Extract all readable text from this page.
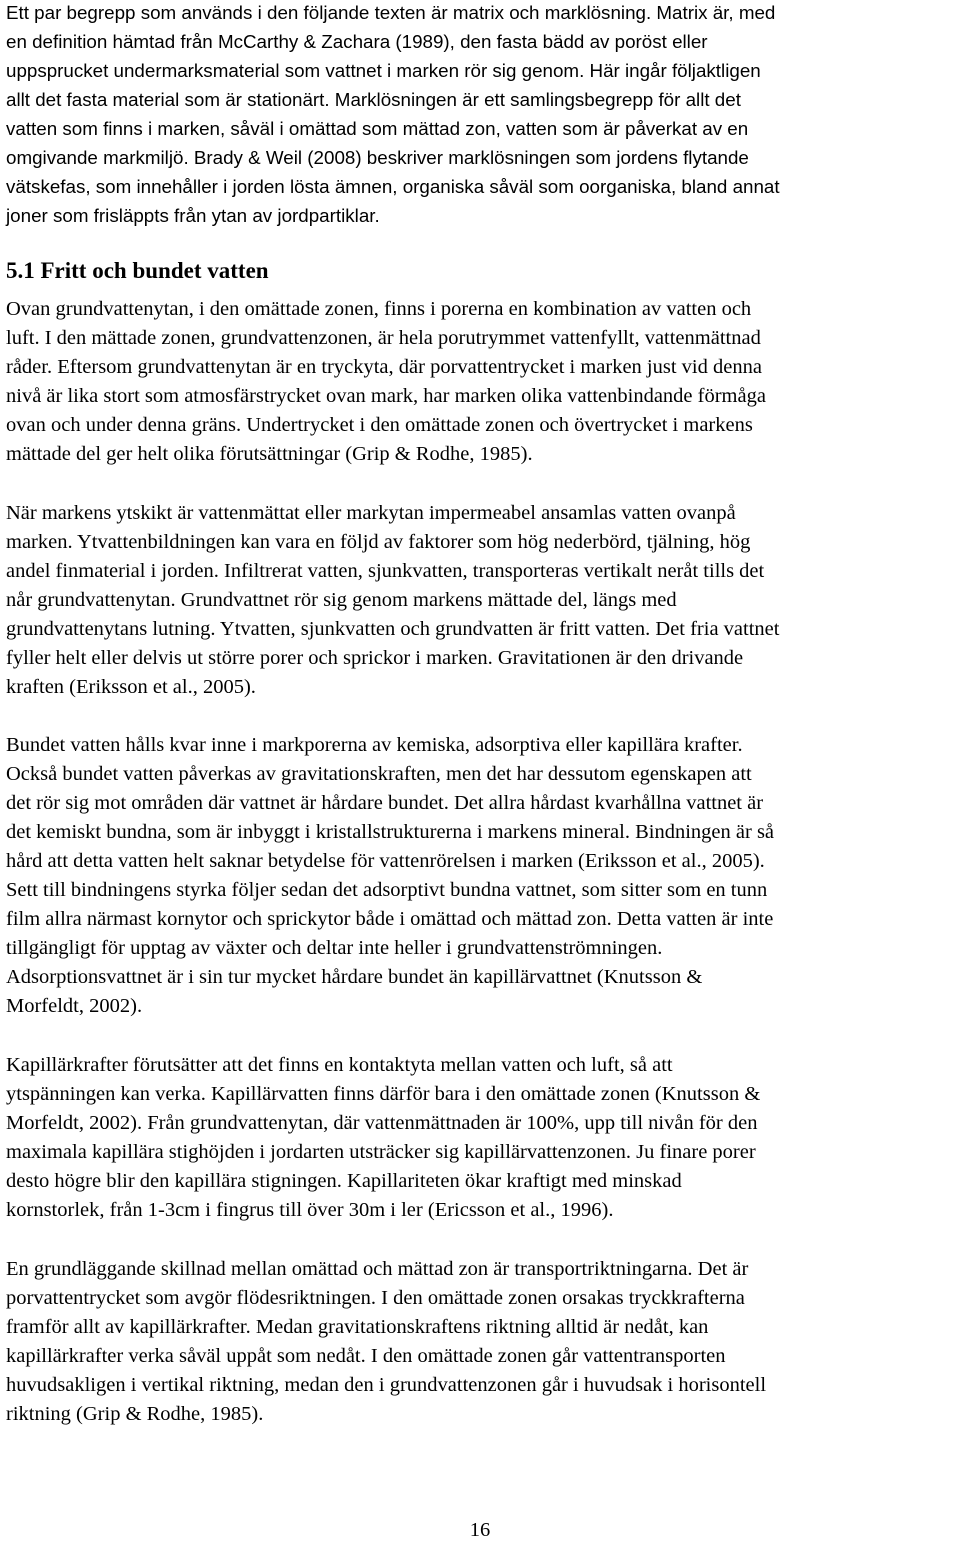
Ett par begrepp som används i den följande texten är matrix och marklösning. Matrix är, med
en definition hämtad från McCarthy & Zachara (1989), den fasta bädd av poröst eller
uppsprucket undermarksmaterial som vattnet i marken rör sig genom. Här ingår följaktligen
allt det fasta material som är stationärt. Marklösningen är ett samlingsbegrepp för allt det
vatten som finns i marken, såväl i omättad som mättad zon, vatten som är påverkat av en
omgivande markmiljö. Brady & Weil (2008) beskriver marklösningen som jordens flytande
vätskefas, som innehåller i jorden lösta ämnen, organiska såväl som oorganiska, bland annat
joner som frisläppts från ytan av jordpartiklar.
5.1 Fritt och bundet vatten

Ovan grundvattenytan, i den omättade zonen, finns i porerna en kombination av vatten och
luft. I den mättade zonen, grundvattenzonen, är hela porutrymmet vattenfyllt, vattenmättnad
råder. Eftersom grundvattenytan är en tryckyta, där porvattentrycket i marken just vid denna
nivå är lika stort som atmosfärstrycket ovan mark, har marken olika vattenbindande förmåga
ovan och under denna gräns. Undertrycket i den omättade zonen och övertrycket i markens
mättade del ger helt olika förutsättningar (Grip & Rodhe, 1985).

När markens ytskikt är vattenmättat eller markytan impermeabel ansamlas vatten ovanpå
marken. Ytvattenbildningen kan vara en följd av faktorer som hög nederbörd, tjälning, hög
andel finmaterial i jorden. Infiltrerat vatten, sjunkvatten, transporteras vertikalt neråt tills det
når grundvattenytan. Grundvattnet rör sig genom markens mättade del, längs med
grundvattenytans lutning. Ytvatten, sjunkvatten och grundvatten är fritt vatten. Det fria vattnet
fyller helt eller delvis ut större porer och sprickor i marken. Gravitationen är den drivande
kraften (Eriksson et al., 2005).

Bundet vatten hålls kvar inne i markporerna av kemiska, adsorptiva eller kapillära krafter.
Också bundet vatten påverkas av gravitationskraften, men det har dessutom egenskapen att
det rör sig mot områden där vattnet är hårdare bundet. Det allra hårdast kvarhållna vattnet är
det kemiskt bundna, som är inbyggt i kristallstrukturerna i markens mineral. Bindningen är så
hård att detta vatten helt saknar betydelse för vattenrörelsen i marken (Eriksson et al., 2005).
Sett till bindningens styrka följer sedan det adsorptivt bundna vattnet, som sitter som en tunn
film allra närmast kornytor och sprickytor både i omättad och mättad zon. Detta vatten är inte
tillgängligt för upptag av växter och deltar inte heller i grundvattenströmningen.
Adsorptionsvattnet är i sin tur mycket hårdare bundet än kapillärvattnet (Knutsson &
Morfeldt, 2002).

Kapillärkrafter förutsätter att det finns en kontaktyta mellan vatten och luft, så att
ytspänningen kan verka. Kapillärvatten finns därför bara i den omättade zonen (Knutsson &
Morfeldt, 2002). Från grundvattenytan, där vattenmättnaden är 100%, upp till nivån för den
maximala kapillära stighöjden i jordarten utsträcker sig kapillärvattenzonen. Ju finare porer
desto högre blir den kapillära stigningen. Kapillariteten ökar kraftigt med minskad
kornstorlek, från 1-3cm i fingrus till över 30m i ler (Ericsson et al., 1996).

En grundläggande skillnad mellan omättad och mättad zon är transportriktningarna. Det är
porvattentrycket som avgör flödesriktningen. I den omättade zonen orsakas tryckkrafterna
framför allt av kapillärkrafter. Medan gravitationskraftens riktning alltid är nedåt, kan
kapillärkrafter verka såväl uppåt som nedåt. I den omättade zonen går vattentransporten
huvudsakligen i vertikal riktning, medan den i grundvattenzonen går i huvudsak i horisontell
riktning (Grip & Rodhe, 1985).

16
